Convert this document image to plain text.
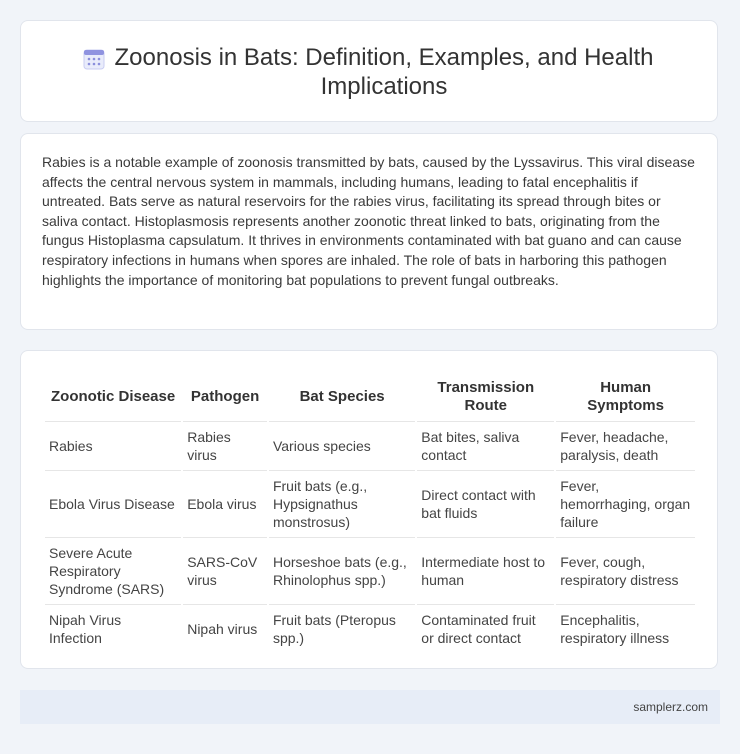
Zoonosis in Bats: Definition, Examples, and Health Implications

Rabies is a notable example of zoonosis transmitted by bats, caused by the Lyssavirus. This viral disease affects the central nervous system in mammals, including humans, leading to fatal encephalitis if untreated. Bats serve as natural reservoirs for the rabies virus, facilitating its spread through bites or saliva contact. Histoplasmosis represents another zoonotic threat linked to bats, originating from the fungus Histoplasma capsulatum. It thrives in environments contaminated with bat guano and can cause respiratory infections in humans when spores are inhaled. The role of bats in harboring this pathogen highlights the importance of monitoring bat populations to prevent fungal outbreaks.

Zoonotic Disease	Pathogen	Bat Species	Transmission Route	Human Symptoms
Rabies	Rabies virus	Various species	Bat bites, saliva contact	Fever, headache, paralysis, death
Ebola Virus Disease	Ebola virus	Fruit bats (e.g., Hypsignathus monstrosus)	Direct contact with bat fluids	Fever, hemorrhaging, organ failure
Severe Acute Respiratory Syndrome (SARS)	SARS-CoV virus	Horseshoe bats (e.g., Rhinolophus spp.)	Intermediate host to human	Fever, cough, respiratory distress
Nipah Virus Infection	Nipah virus	Fruit bats (Pteropus spp.)	Contaminated fruit or direct contact	Encephalitis, respiratory illness
samplerz.com
